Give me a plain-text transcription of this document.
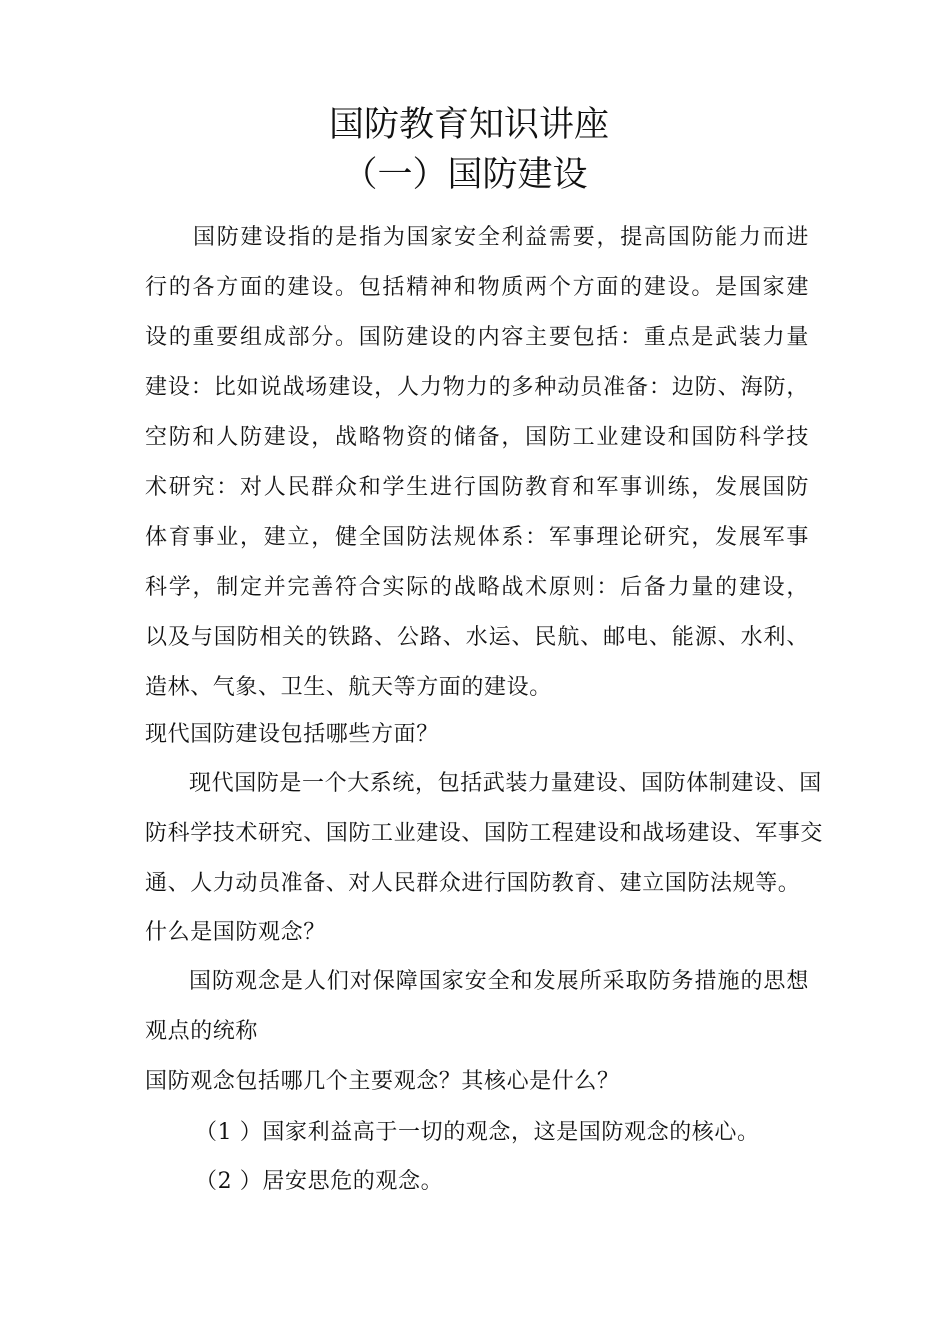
国防教育知识讲座
（一）国防建设
国防建设指的是指为国家安全利益需要，提高国防能力而进
行的各方面的建设。包括精神和物质两个方面的建设。是国家建
设的重要组成部分。国防建设的内容主要包括：重点是武装力量
建设：比如说战场建设，人力物力的多种动员准备：边防、海防，
空防和人防建设，战略物资的储备，国防工业建设和国防科学技
术研究：对人民群众和学生进行国防教育和军事训练，发展国防
体育事业，建立，健全国防法规体系：军事理论研究，发展军事
科学，制定并完善符合实际的战略战术原则：后备力量的建设，
以及与国防相关的铁路、公路、水运、民航、邮电、能源、水利、
造林、气象、卫生、航天等方面的建设。
现代国防建设包括哪些方面？
现代国防是一个大系统，包括武装力量建设、国防体制建设、国
防科学技术研究、国防工业建设、国防工程建设和战场建设、军事交
通、人力动员准备、对人民群众进行国防教育、建立国防法规等。
什么是国防观念？
国防观念是人们对保障国家安全和发展所采取防务措施的思想
观点的统称
国防观念包括哪几个主要观念？其核心是什么？
（1 ）国家利益高于一切的观念，这是国防观念的核心。
（2 ）居安思危的观念。
